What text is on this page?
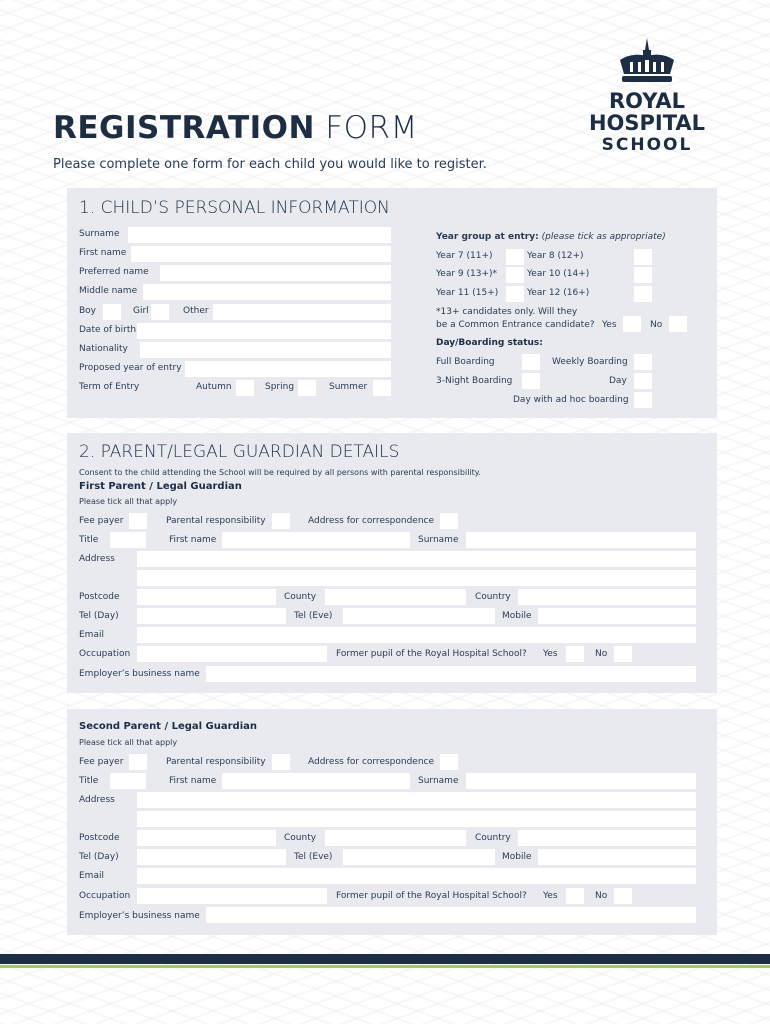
REGISTRATION FORM
Please complete one form for each child you would like to register.
ROYAL
HOSPITAL
SCHOOL
1. CHILD’S PERSONAL INFORMATION
Surname
First name
Preferred name
Middle name
Boy	Girl	Other
Date of birth
Nationality
Proposed year of entry
Term of Entry	Autumn	Spring	Summer
Year group at entry: (please tick as appropriate)
Year 7 (11+)	Year 8 (12+)
Year 9 (13+)*	Year 10 (14+)
Year 11 (15+)	Year 12 (16+)
*13+ candidates only. Will they
be a Common Entrance candidate? Yes	No
Day/Boarding status:
Full Boarding	Weekly Boarding
3-Night Boarding	Day
Day with ad hoc boarding
2. PARENT/LEGAL GUARDIAN DETAILS
Consent to the child attending the School will be required by all persons with parental responsibility.
First Parent / Legal Guardian
Please tick all that apply
Fee payer	Parental responsibility	Address for correspondence
Title	First name	Surname
Address
Postcode	County	Country
Tel (Day)	Tel (Eve)	Mobile
Email
Occupation	Former pupil of the Royal Hospital School? Yes	No
Employer’s business name
Second Parent / Legal Guardian
Please tick all that apply
Fee payer	Parental responsibility	Address for correspondence
Title	First name	Surname
Address
Postcode	County	Country
Tel (Day)	Tel (Eve)	Mobile
Email
Occupation	Former pupil of the Royal Hospital School? Yes	No
Employer’s business name
